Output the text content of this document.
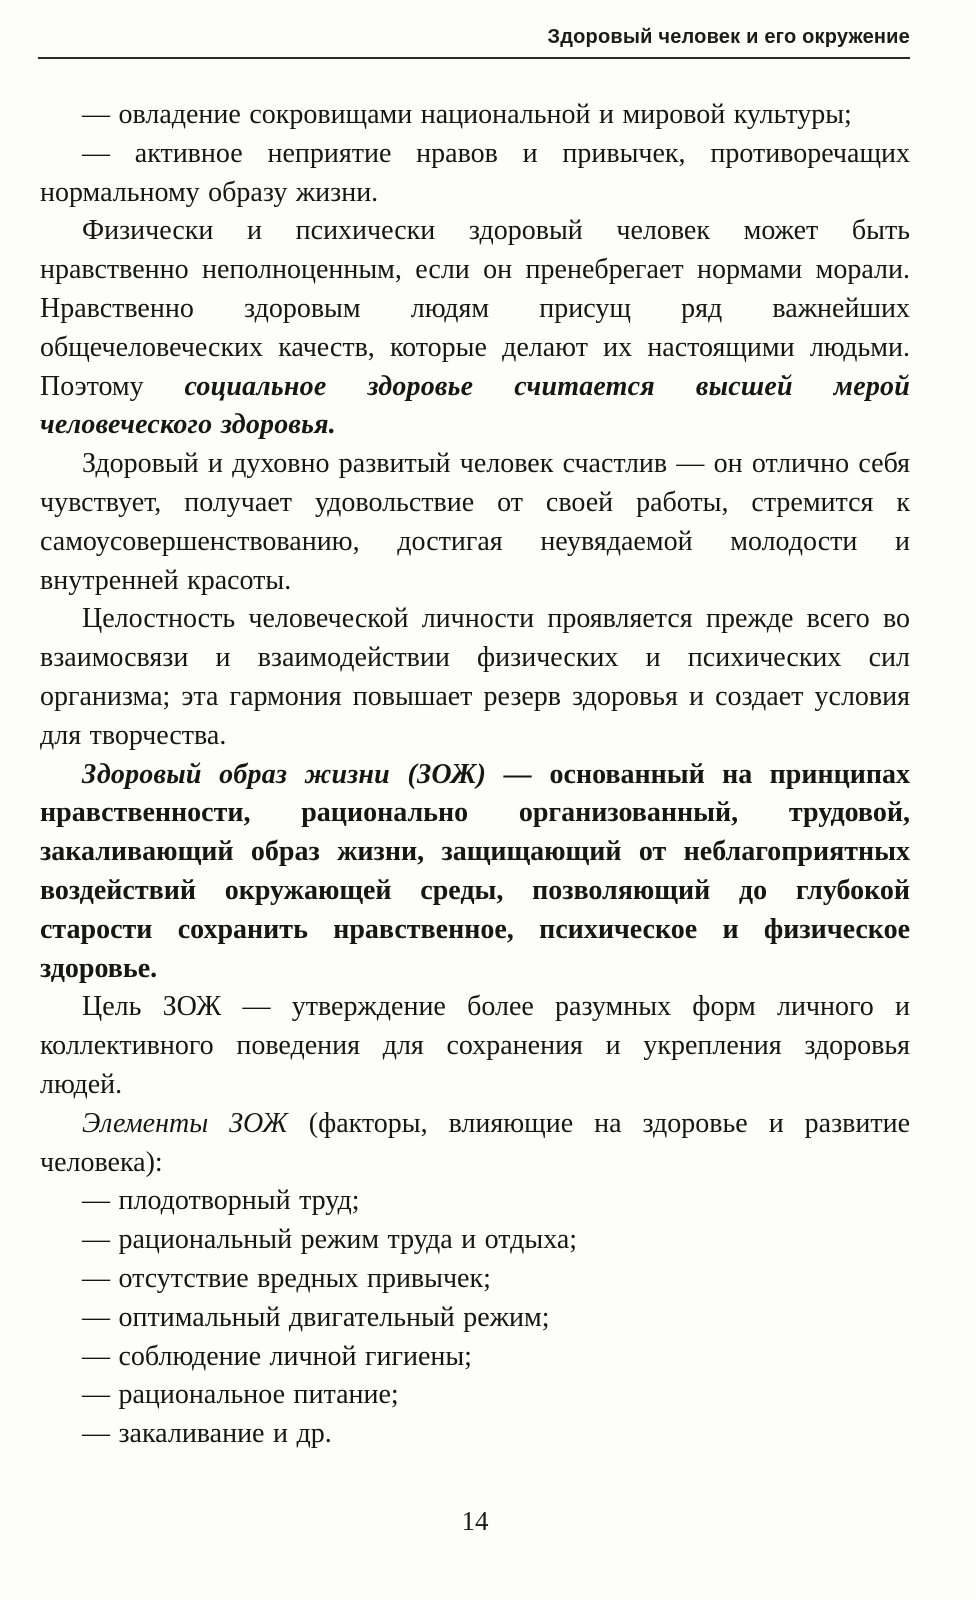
Здоровый человек и его окружение

— овладение сокровищами национальной и мировой культуры;

— активное неприятие нравов и привычек, противоречащих нормальному образу жизни.

Физически и психически здоровый человек может быть нравственно неполноценным, если он пренебрегает нормами морали. Нравственно здоровым людям присущ ряд важнейших общечеловеческих качеств, которые делают их настоящими людьми. Поэтому социальное здоровье считается высшей мерой человеческого здоровья.

Здоровый и духовно развитый человек счастлив — он отлично себя чувствует, получает удовольствие от своей работы, стремится к самоусовершенствованию, достигая неувядаемой молодости и внутренней красоты.

Целостность человеческой личности проявляется прежде всего во взаимосвязи и взаимодействии физических и психических сил организма; эта гармония повышает резерв здоровья и создает условия для творчества.

Здоровый образ жизни (ЗОЖ) — основанный на принципах нравственности, рационально организованный, трудовой, закаливающий образ жизни, защищающий от неблагоприятных воздействий окружающей среды, позволяющий до глубокой старости сохранить нравственное, психическое и физическое здоровье.

Цель ЗОЖ — утверждение более разумных форм личного и коллективного поведения для сохранения и укрепления здоровья людей.

Элементы ЗОЖ (факторы, влияющие на здоровье и развитие человека):

— плодотворный труд;

— рациональный режим труда и отдыха;

— отсутствие вредных привычек;

— оптимальный двигательный режим;

— соблюдение личной гигиены;

— рациональное питание;

— закаливание и др.

14
